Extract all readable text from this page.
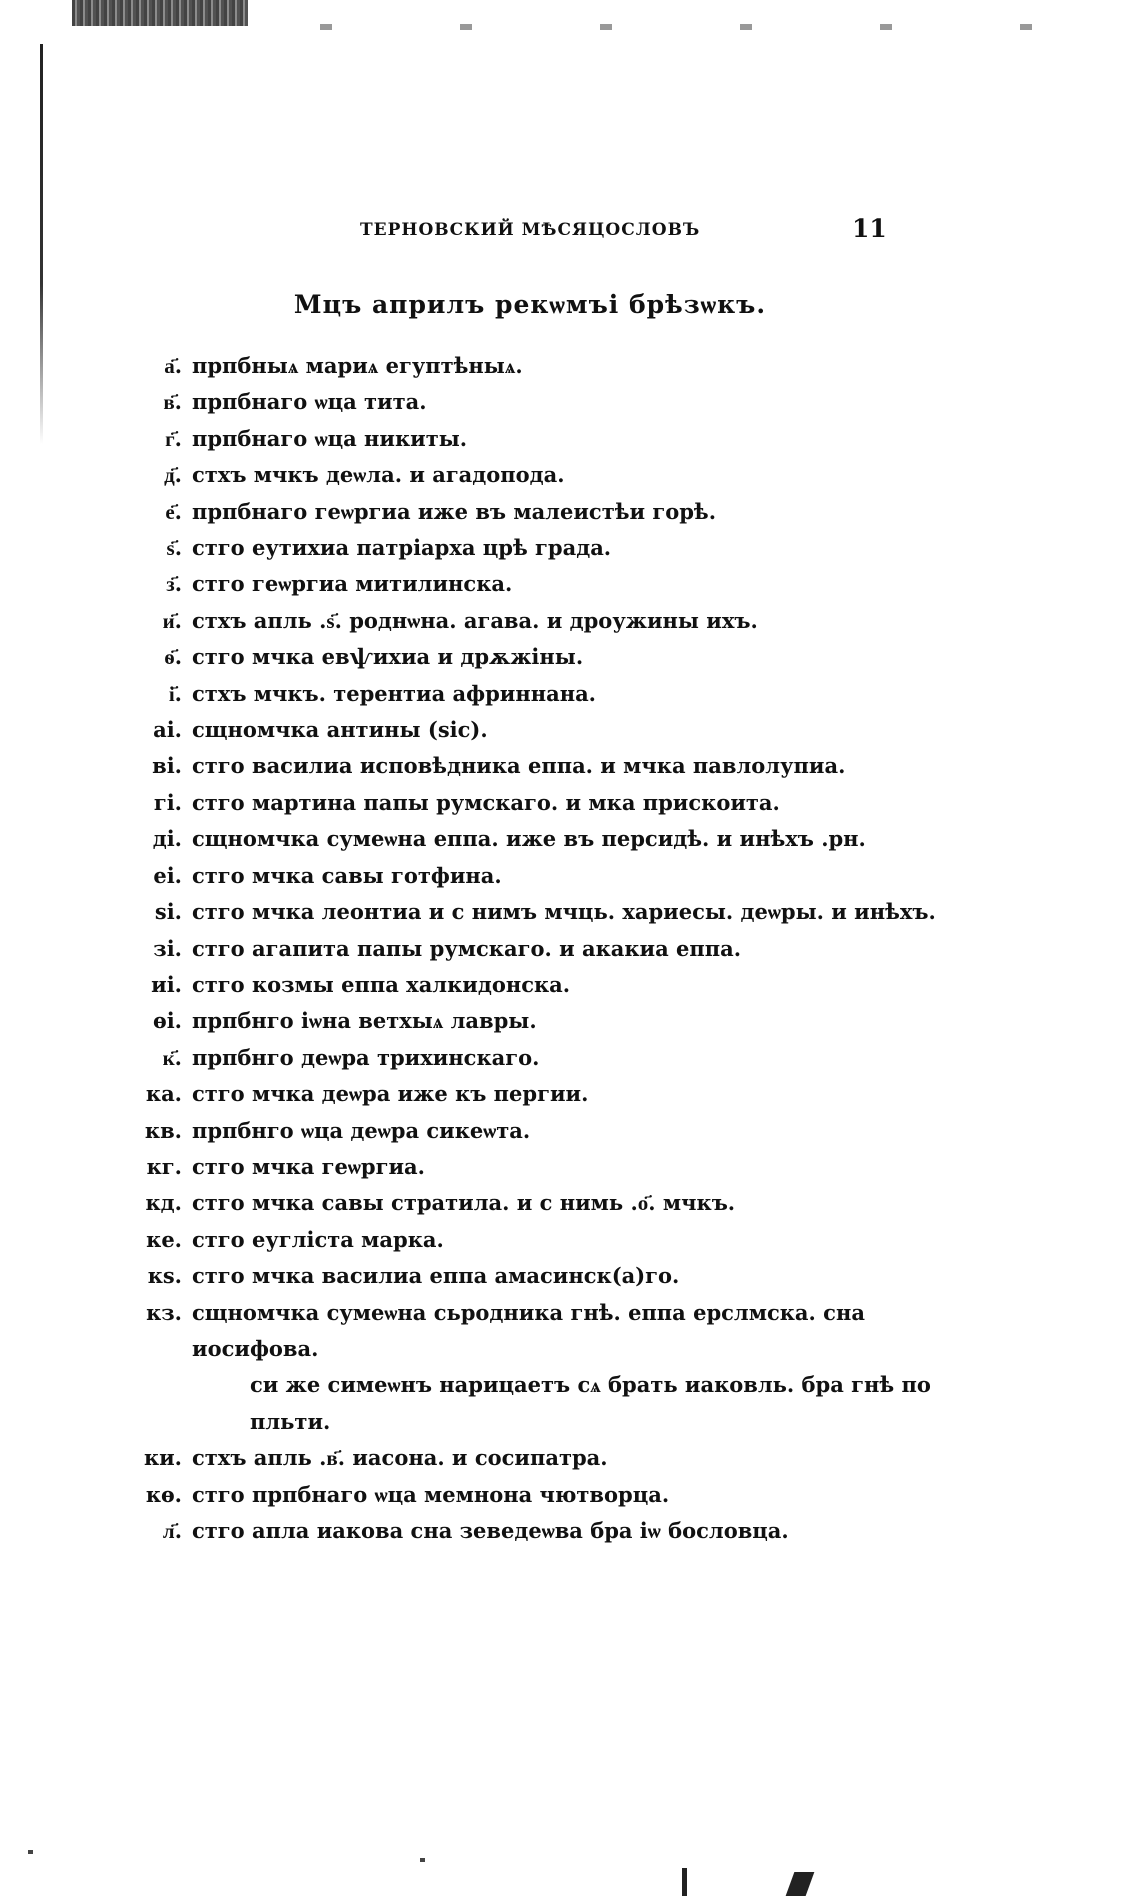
ТЕРНОВСКИЙ МѢСЯЦОСЛОВЪ	11
Мцъ априлъ рекѡмъі брѣзѡкъ.
а҃. прпбныѧ мариѧ егуптѣныѧ.
в҃. прпбнаго ѡца тита.
г҃. прпбнаго ѡца никиты.
д҃. стхъ мчкъ деѡла. и агадопода.
е҃. прпбнаго геѡргиа иже въ малеистѣи горѣ.
ѕ҃. стго еутихиа патріарха црѣ града.
з҃. стго геѡргиа митилинска.
и҃. стхъ апль .ѕ҃. роднѡна. агава. и дроужины ихъ.
ѳ҃. стго мчка евѱихиа и дрѫжіны.
і҃. стхъ мчкъ. терентиа африннана.
аі. сщномчка антины (sic).
ві. стго василиа исповѣдника еппа. и мчка павлолупиа.
гі. стго мартина папы румскаго. и мка прискоита.
ді. сщномчка сумеѡна еппа. иже въ персидѣ. и инѣхъ .рн.
еі. стго мчка савы готфина.
ѕі. стго мчка леонтиа и с нимъ мчць. хариесы. деѡры. и инѣхъ.
зі. стго агапита папы румскаго. и акакиа еппа.
иі. стго козмы еппа халкидонска.
ѳі. прпбнго іѡна ветхыѧ лавры.
к҃. прпбнго деѡра трихинскаго.
ка. стго мчка деѡра иже къ пергии.
кв. прпбнго ѡца деѡра сикеѡта.
кг. стго мчка геѡргиа.
кд. стго мчка савы стратила. и с нимь .о҃. мчкъ.
ке. стго еугліста марка.
кѕ. стго мчка василиа еппа амасинск(а)го.
кз. сщномчка сумеѡна сьродника гнѣ. еппа ерслмска. сна иосифова.
си же симеѡнъ нарицаетъ сѧ брать иаковль. бра гнѣ по
пльти.
ки. стхъ апль .в҃. иасона. и сосипатра.
кѳ. стго прпбнаго ѡца мемнона чютворца.
л҃. стго апла иакова сна зеведеѡва бра іѡ бословца.
